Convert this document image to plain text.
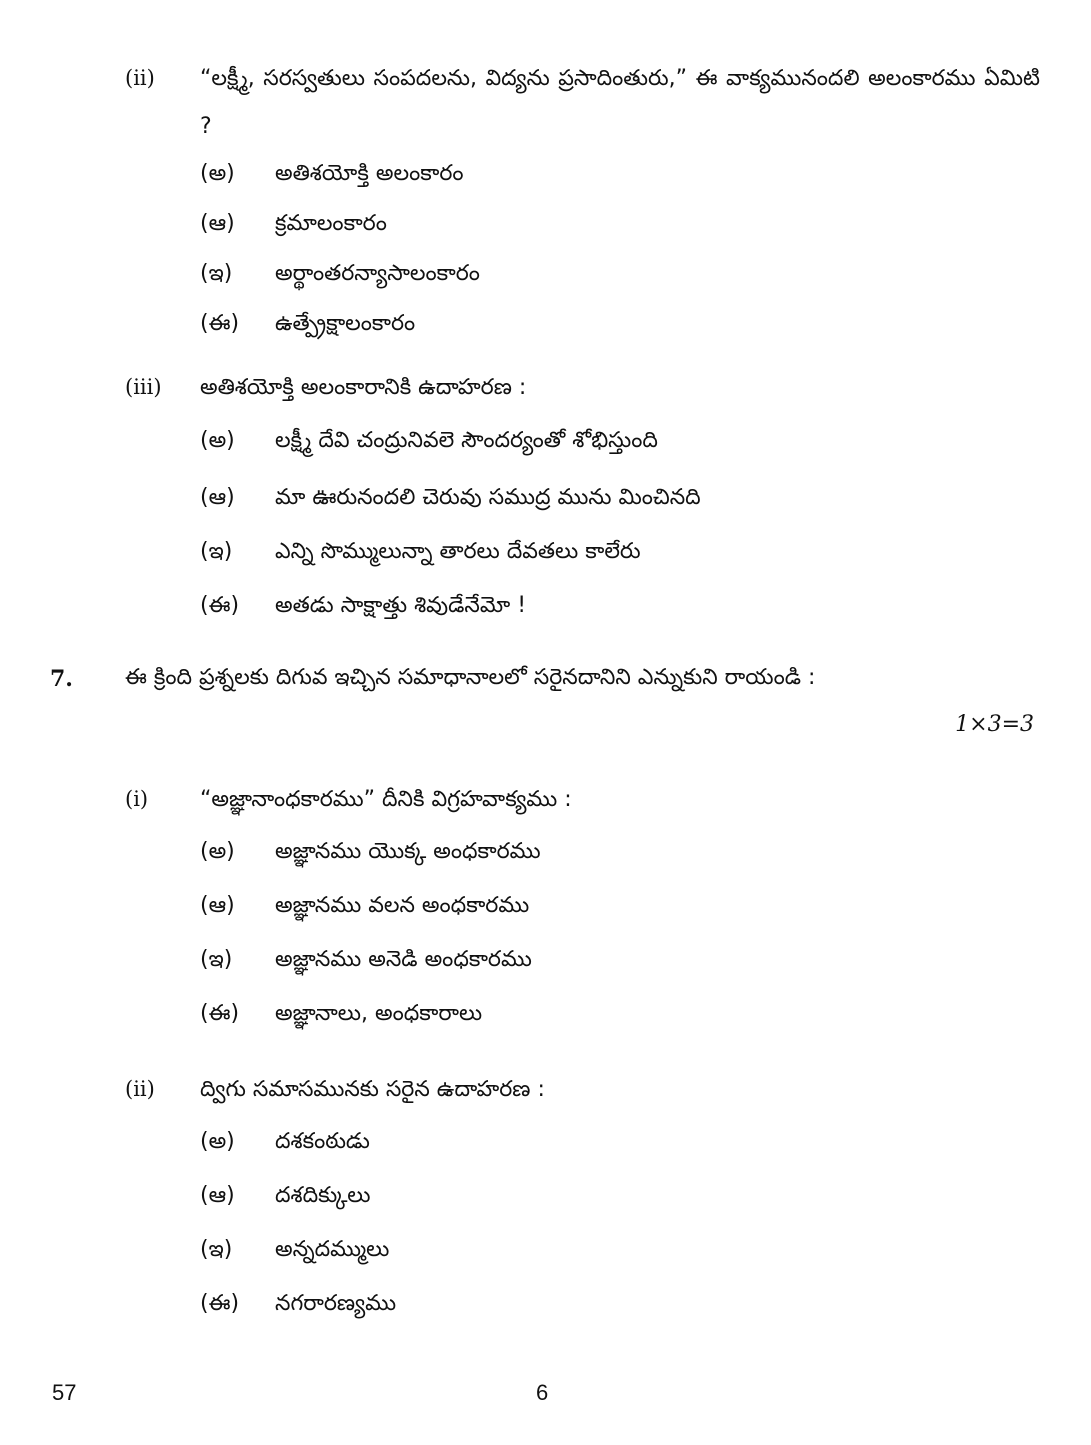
(ii) “లక్ష్మీ, సరస్వతులు సంపదలను, విద్యను ప్రసాదింతురు,” ఈ వాక్యమునందలి అలంకారము ఏమిటి ?
(అ) అతిశయోక్తి అలంకారం
(ఆ) క్రమాలంకారం
(ఇ) అర్థాంతరన్యాసాలంకారం
(ఈ) ఉత్ప్రేక్షాలంకారం
(iii) అతిశయోక్తి అలంకారానికి ఉదాహరణ :
(అ) లక్ష్మీ దేవి చంద్రునివలె సౌందర్యంతో శోభిస్తుంది
(ఆ) మా ఊరునందలి చెరువు సముద్ర మును మించినది
(ఇ) ఎన్ని సొమ్ములున్నా తారలు దేవతలు కాలేరు
(ఈ) అతడు సాక్షాత్తు శివుడేనేమో !
7. ఈ క్రింది ప్రశ్నలకు దిగువ ఇచ్చిన సమాధానాలలో సరైనదానిని ఎన్నుకుని రాయండి :
1×3=3
(i) “అజ్ఞానాంధకారము” దీనికి విగ్రహవాక్యము :
(అ) అజ్ఞానము యొక్క అంధకారము
(ఆ) అజ్ఞానము వలన అంధకారము
(ఇ) అజ్ఞానము అనెడి అంధకారము
(ఈ) అజ్ఞానాలు, అంధకారాలు
(ii) ద్విగు సమాసమునకు సరైన ఉదాహరణ :
(అ) దశకంఠుడు
(ఆ) దశదిక్కులు
(ఇ) అన్నదమ్ములు
(ఈ) నగరారణ్యము
57	6
